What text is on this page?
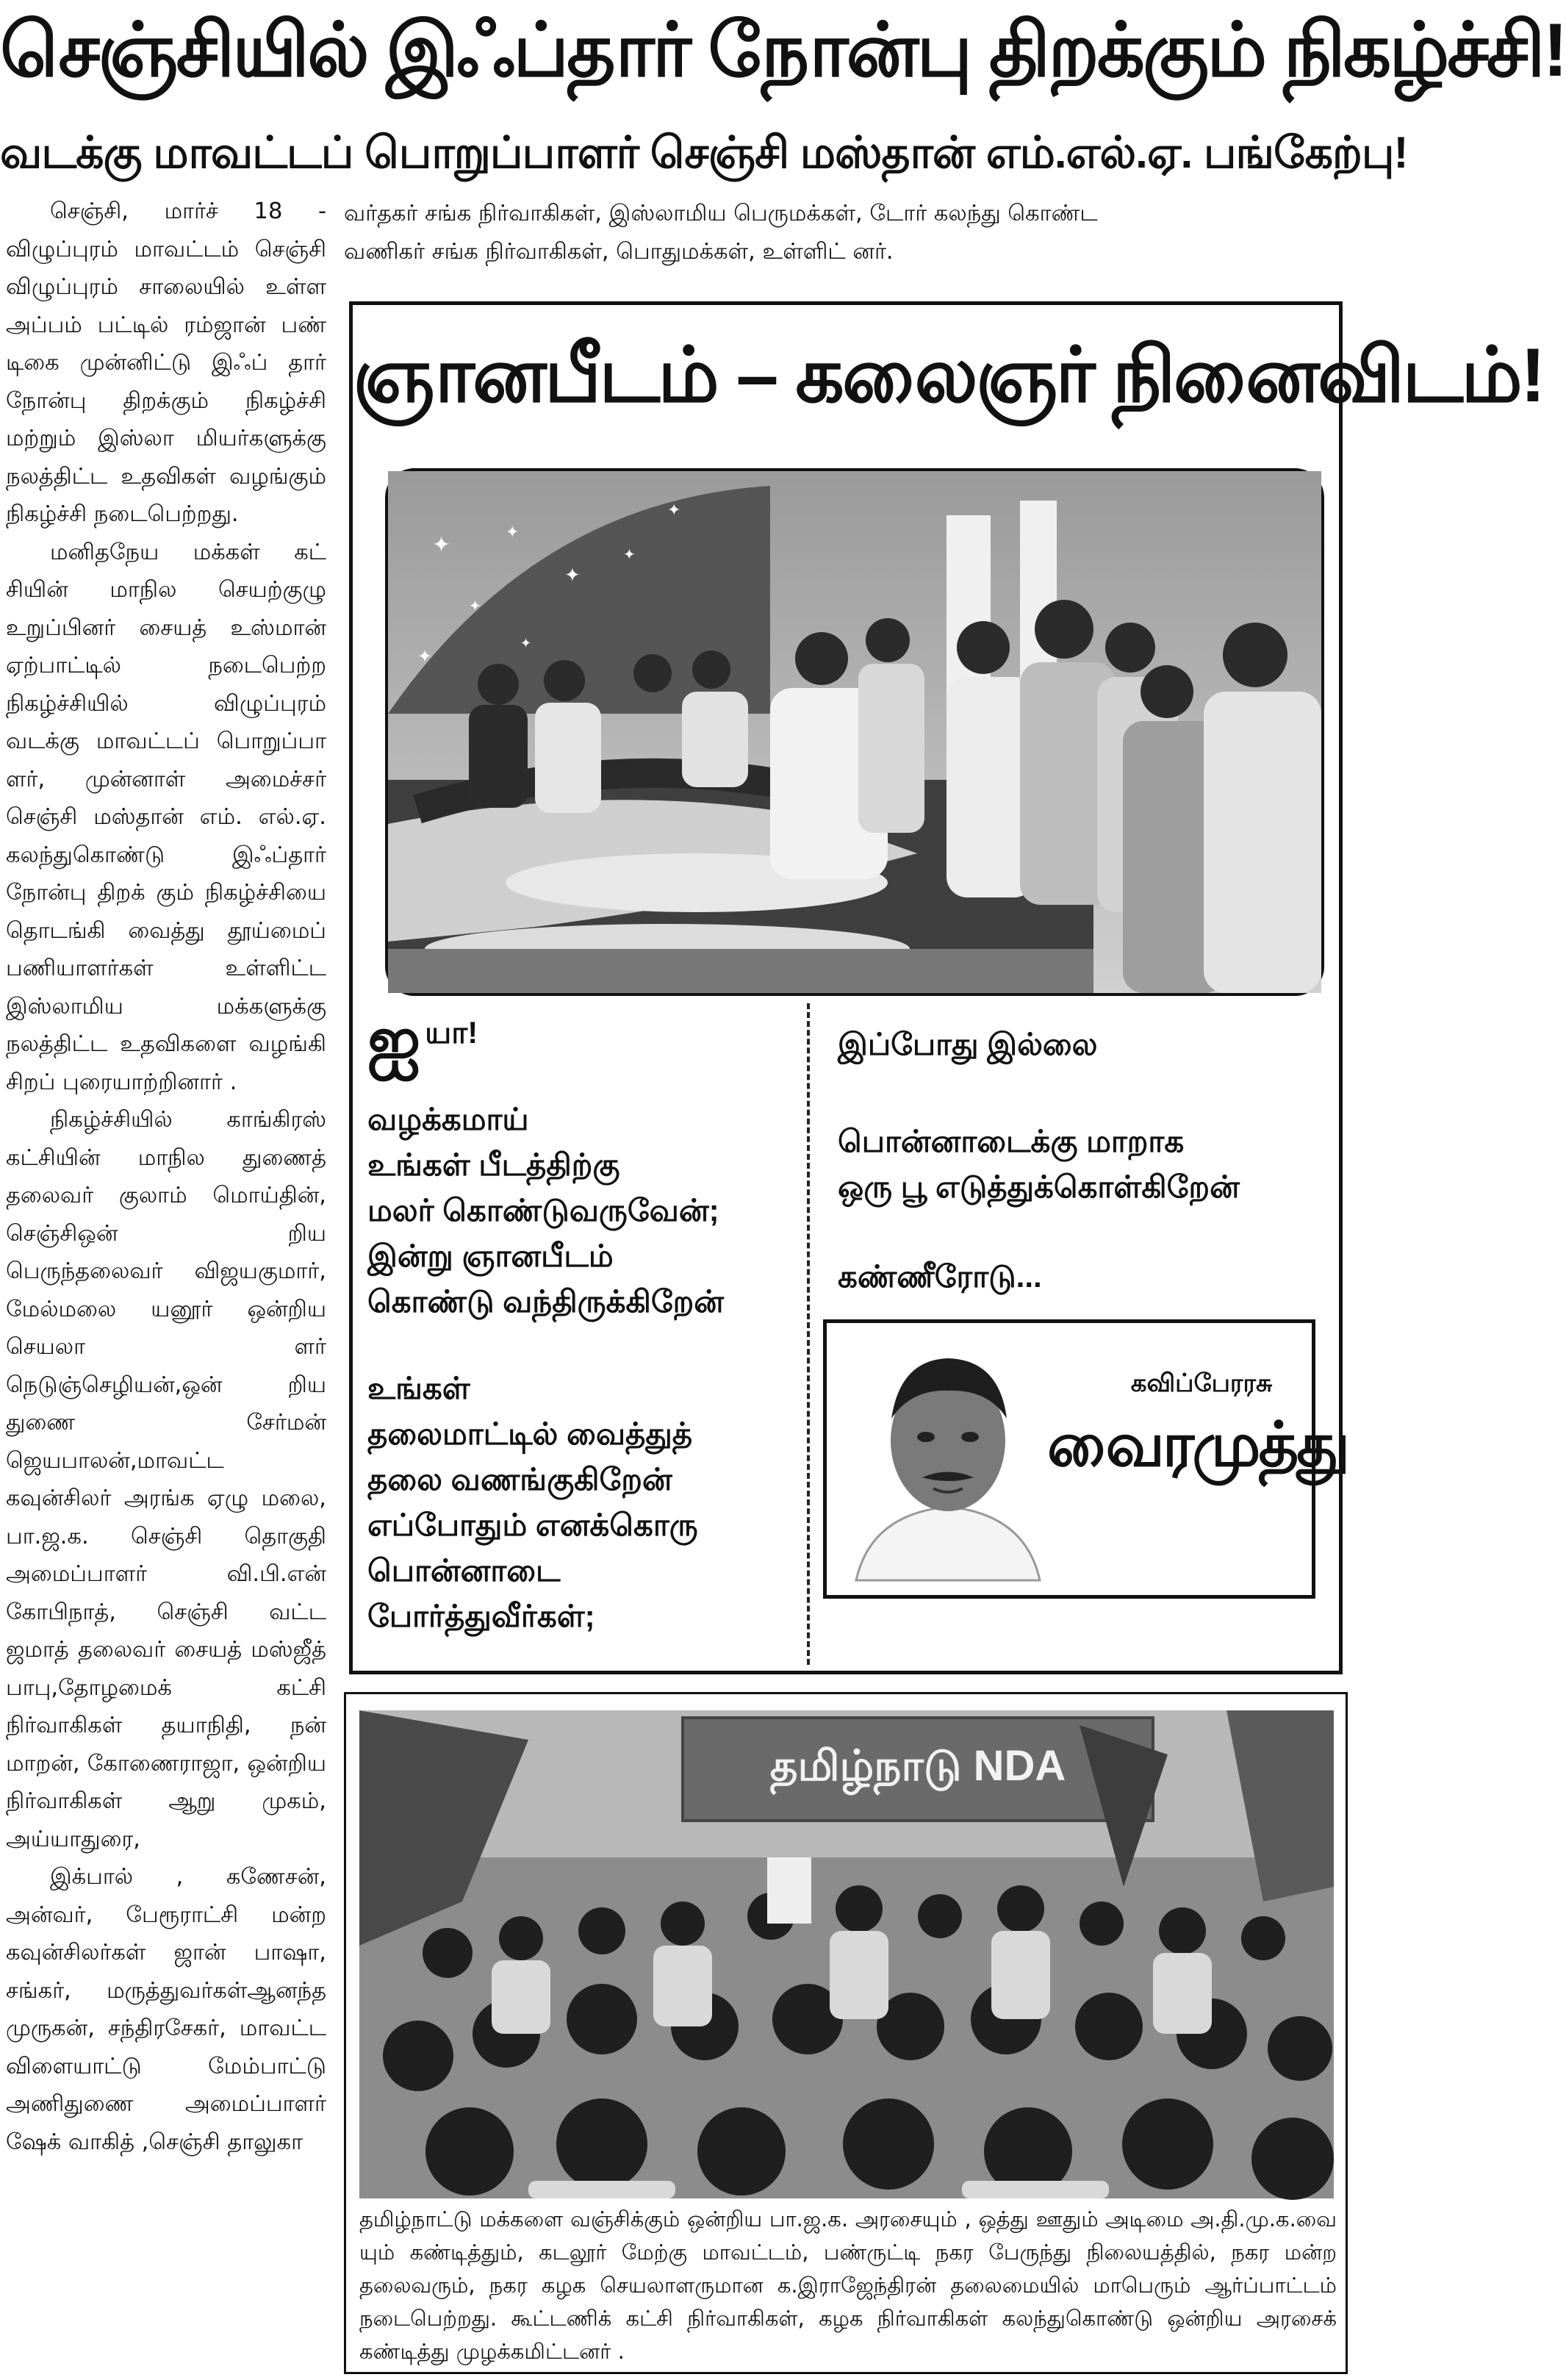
செஞ்சியில் இஃப்தார் நோன்பு திறக்கும் நிகழ்ச்சி!
வடக்கு மாவட்டப் பொறுப்பாளர் செஞ்சி மஸ்தான் எம்.எல்.ஏ. பங்கேற்பு!

செஞ்சி, மார்ச் 18 - விழுப்புரம் மாவட்டம் செஞ்சி விழுப்புரம் சாலையில் உள்ள அப்பம் பட்டில் ரம்ஜான் பண் டிகை முன்னிட்டு இஃப் தார் நோன்பு திறக்கும் நிகழ்ச்சி மற்றும் இஸ்லா மியர்களுக்கு நலத்திட்ட உதவிகள் வழங்கும் நிகழ்ச்சி நடைபெற்றது.

மனிதநேய மக்கள் கட் சியின் மாநில செயற்குழு உறுப்பினர் சையத் உஸ்மான் ஏற்பாட்டில் நடைபெற்ற நிகழ்ச்சியில் விழுப்புரம் வடக்கு மாவட்டப் பொறுப்பா ளர், முன்னாள் அமைச்சர் செஞ்சி மஸ்தான் எம். எல்.ஏ. கலந்துகொண்டு இஃப்தார் நோன்பு திறக் கும் நிகழ்ச்சியை தொடங்கி வைத்து தூய்மைப் பணியாளர்கள் உள்ளிட்ட இஸ்லாமிய மக்களுக்கு நலத்திட்ட உதவிகளை வழங்கி சிறப் புரையாற்றினார் .

நிகழ்ச்சியில் காங்கிரஸ் கட்சியின் மாநில துணைத் தலைவர் குலாம் மொய்தின், செஞ்சிஒன் றிய பெருந்தலைவர் விஜயகுமார், மேல்மலை யனூர் ஒன்றிய செயலா ளர் நெடுஞ்செழியன்,ஒன் றிய துணை சேர்மன் ஜெயபாலன்,மாவட்ட கவுன்சிலர் அரங்க ஏழு மலை, பா.ஜ.க. செஞ்சி தொகுதி அமைப்பாளர் வி.பி.என் கோபிநாத், செஞ்சி வட்ட ஜமாத் தலைவர் சையத் மஸ்ஜீத் பாபு,தோழமைக் கட்சி நிர்வாகிகள் தயாநிதி, நன் மாறன், கோணைராஜா, ஒன்றிய நிர்வாகிகள் ஆறு முகம், அய்யாதுரை,

இக்பால் , கணேசன், அன்வர், பேரூராட்சி மன்ற கவுன்சிலர்கள் ஜான் பாஷா, சங்கர், மருத்துவர்கள்ஆனந்த முருகன், சந்திரசேகர், மாவட்ட விளையாட்டு மேம்பாட்டு அணிதுணை அமைப்பாளர் ஷேக் வாகித் ,செஞ்சி தாலுகா

வர்தகர் சங்க நிர்வாகிகள், இஸ்லாமிய பெருமக்கள், டோர் கலந்து கொண்ட
வணிகர் சங்க நிர்வாகிகள், பொதுமக்கள், உள்ளிட் னர்.
ஞானபீடம் – கலைஞர் நினைவிடம்!
✦	✦
✦
✦
✦
✦
✦
✦
ஐ யா!
வழக்கமாய்
உங்கள் பீடத்திற்கு
மலர் கொண்டுவருவேன்;
இன்று ஞானபீடம்
கொண்டு வந்திருக்கிறேன்
உங்கள்
தலைமாட்டில் வைத்துத்
தலை வணங்குகிறேன்
எப்போதும் எனக்கொரு
பொன்னாடை போர்த்துவீர்கள்;
இப்போது இல்லை
பொன்னாடைக்கு மாறாக
ஒரு பூ எடுத்துக்கொள்கிறேன்
கண்ணீரோடு...
கவிப்பேரரசு
வைரமுத்து
தமிழ்நாடு NDA
தமிழ்நாட்டு மக்களை வஞ்சிக்கும் ஒன்றிய பா.ஜ.க. அரசையும் , ஒத்து ஊதும் அடிமை அ.தி.மு.க.வை யும் கண்டித்தும், கடலூர் மேற்கு மாவட்டம், பண்ருட்டி நகர பேருந்து நிலையத்தில், நகர மன்ற தலைவரும், நகர கழக செயலாளருமான க.இராஜேந்திரன் தலைமையில் மாபெரும் ஆர்ப்பாட்டம் நடைபெற்றது. கூட்டணிக் கட்சி நிர்வாகிகள், கழக நிர்வாகிகள் கலந்துகொண்டு ஒன்றிய அரசைக் கண்டித்து முழக்கமிட்டனர் .
